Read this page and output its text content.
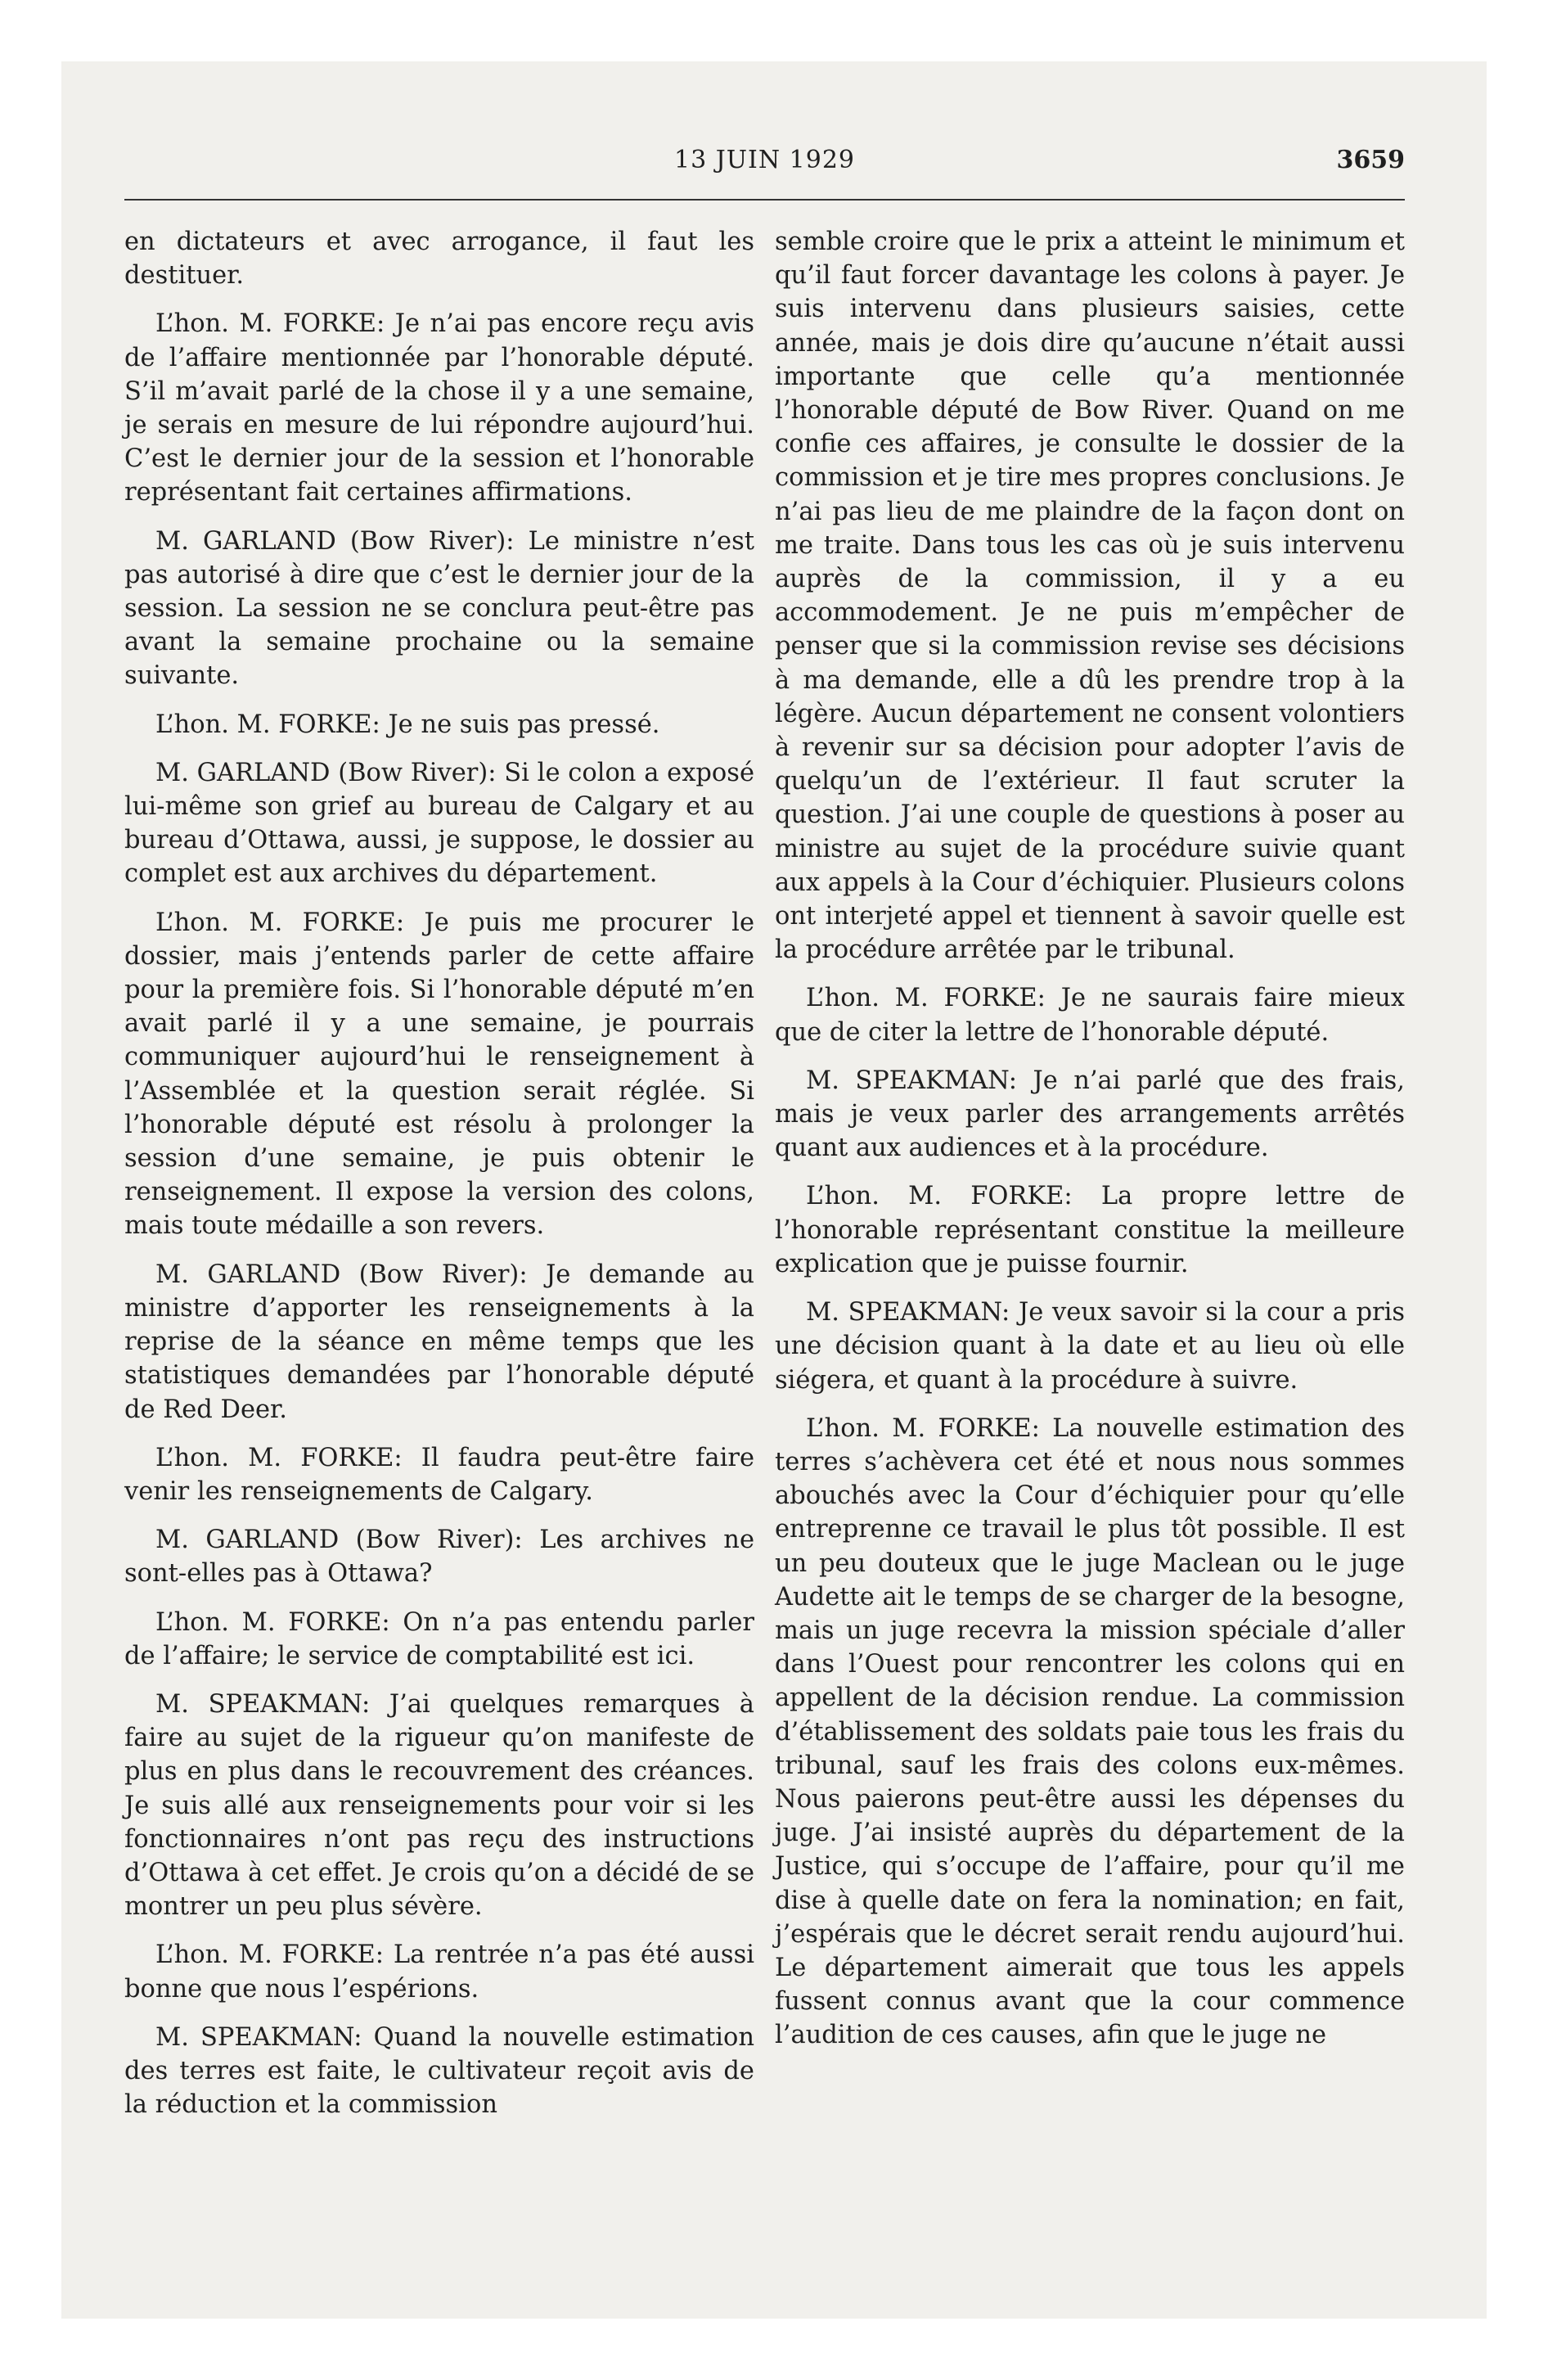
13 JUIN 1929	3659

en dictateurs et avec arrogance, il faut les destituer.

L’hon. M. FORKE: Je n’ai pas encore reçu avis de l’affaire mentionnée par l’honorable député. S’il m’avait parlé de la chose il y a une semaine, je serais en mesure de lui répondre aujourd’hui. C’est le dernier jour de la session et l’honorable représentant fait certaines affirmations.

M. GARLAND (Bow River): Le ministre n’est pas autorisé à dire que c’est le dernier jour de la session. La session ne se conclura peut-être pas avant la semaine prochaine ou la semaine suivante.

L’hon. M. FORKE: Je ne suis pas pressé.

M. GARLAND (Bow River): Si le colon a exposé lui-même son grief au bureau de Calgary et au bureau d’Ottawa, aussi, je suppose, le dossier au complet est aux archives du département.

L’hon. M. FORKE: Je puis me procurer le dossier, mais j’entends parler de cette affaire pour la première fois. Si l’honorable député m’en avait parlé il y a une semaine, je pourrais communiquer aujourd’hui le renseignement à l’Assemblée et la question serait réglée. Si l’honorable député est résolu à prolonger la session d’une semaine, je puis obtenir le renseignement. Il expose la version des colons, mais toute médaille a son revers.

M. GARLAND (Bow River): Je demande au ministre d’apporter les renseignements à la reprise de la séance en même temps que les statistiques demandées par l’honorable député de Red Deer.

L’hon. M. FORKE: Il faudra peut-être faire venir les renseignements de Calgary.

M. GARLAND (Bow River): Les archives ne sont-elles pas à Ottawa?

L’hon. M. FORKE: On n’a pas entendu parler de l’affaire; le service de comptabilité est ici.

M. SPEAKMAN: J’ai quelques remarques à faire au sujet de la rigueur qu’on manifeste de plus en plus dans le recouvrement des créances. Je suis allé aux renseignements pour voir si les fonctionnaires n’ont pas reçu des instructions d’Ottawa à cet effet. Je crois qu’on a décidé de se montrer un peu plus sévère.

L’hon. M. FORKE: La rentrée n’a pas été aussi bonne que nous l’espérions.

M. SPEAKMAN: Quand la nouvelle estimation des terres est faite, le cultivateur reçoit avis de la réduction et la commission

semble croire que le prix a atteint le minimum et qu’il faut forcer davantage les colons à payer. Je suis intervenu dans plusieurs saisies, cette année, mais je dois dire qu’aucune n’était aussi importante que celle qu’a mentionnée l’honorable député de Bow River. Quand on me confie ces affaires, je consulte le dossier de la commission et je tire mes propres conclusions. Je n’ai pas lieu de me plaindre de la façon dont on me traite. Dans tous les cas où je suis intervenu auprès de la commission, il y a eu accommodement. Je ne puis m’empêcher de penser que si la commission revise ses décisions à ma demande, elle a dû les prendre trop à la légère. Aucun département ne consent volontiers à revenir sur sa décision pour adopter l’avis de quelqu’un de l’extérieur. Il faut scruter la question. J’ai une couple de questions à poser au ministre au sujet de la procédure suivie quant aux appels à la Cour d’échiquier. Plusieurs colons ont interjeté appel et tiennent à savoir quelle est la procédure arrêtée par le tribunal.

L’hon. M. FORKE: Je ne saurais faire mieux que de citer la lettre de l’honorable député.

M. SPEAKMAN: Je n’ai parlé que des frais, mais je veux parler des arrangements arrêtés quant aux audiences et à la procédure.

L’hon. M. FORKE: La propre lettre de l’honorable représentant constitue la meilleure explication que je puisse fournir.

M. SPEAKMAN: Je veux savoir si la cour a pris une décision quant à la date et au lieu où elle siégera, et quant à la procédure à suivre.

L’hon. M. FORKE: La nouvelle estimation des terres s’achèvera cet été et nous nous sommes abouchés avec la Cour d’échiquier pour qu’elle entreprenne ce travail le plus tôt possible. Il est un peu douteux que le juge Maclean ou le juge Audette ait le temps de se charger de la besogne, mais un juge recevra la mission spéciale d’aller dans l’Ouest pour rencontrer les colons qui en appellent de la décision rendue. La commission d’établissement des soldats paie tous les frais du tribunal, sauf les frais des colons eux-mêmes. Nous paierons peut-être aussi les dépenses du juge. J’ai insisté auprès du département de la Justice, qui s’occupe de l’affaire, pour qu’il me dise à quelle date on fera la nomination; en fait, j’espérais que le décret serait rendu aujourd’hui. Le département aimerait que tous les appels fussent connus avant que la cour commence l’audition de ces causes, afin que le juge ne
